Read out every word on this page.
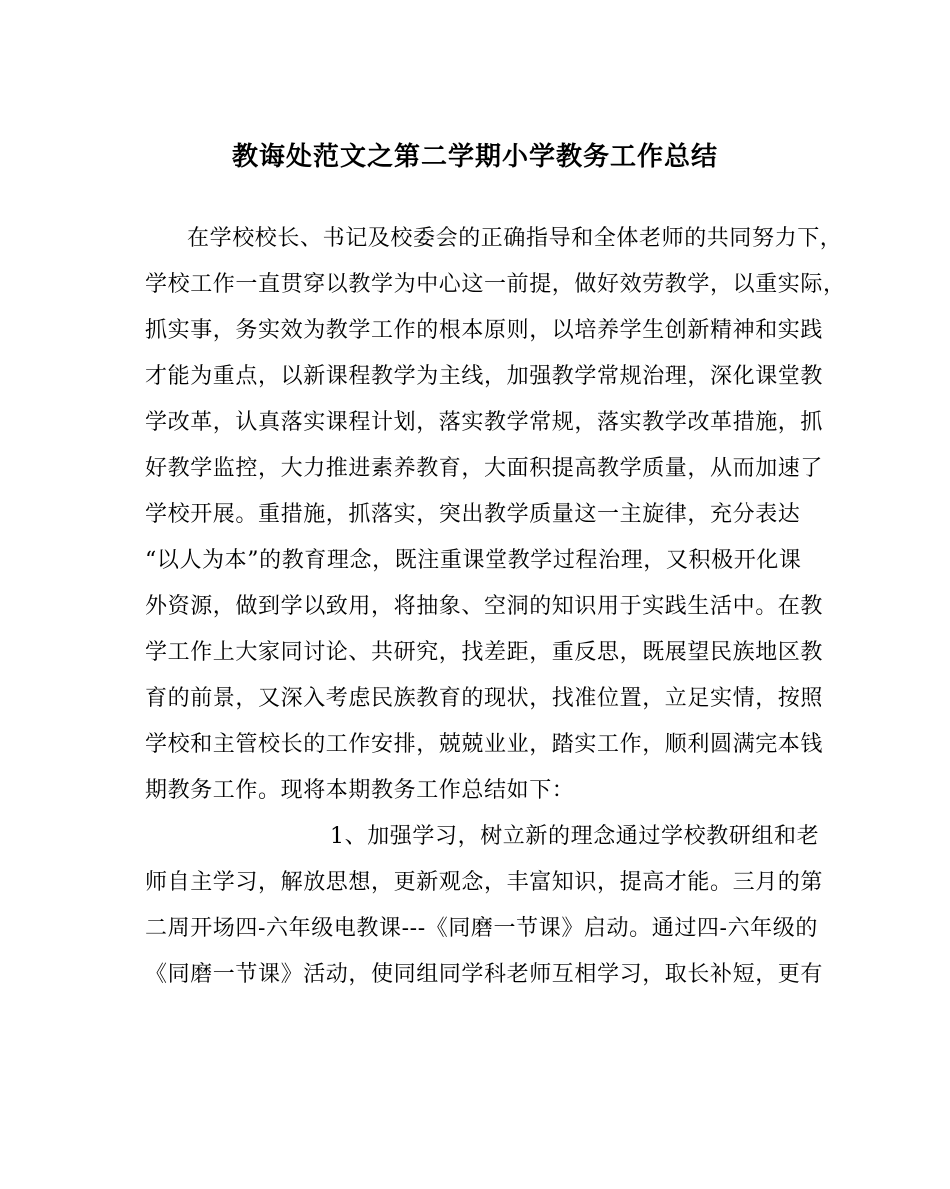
教诲处范文之第二学期小学教务工作总结
在学校校长、书记及校委会的正确指导和全体老师的共同努力下，
学校工作一直贯穿以教学为中心这一前提，做好效劳教学，以重实际，
抓实事，务实效为教学工作的根本原则，以培养学生创新精神和实践
才能为重点，以新课程教学为主线，加强教学常规治理，深化课堂教
学改革，认真落实课程计划，落实教学常规，落实教学改革措施，抓
好教学监控，大力推进素养教育，大面积提高教学质量，从而加速了
学校开展。重措施，抓落实，突出教学质量这一主旋律，充分表达
“以人为本”的教育理念，既注重课堂教学过程治理，又积极开化课
外资源，做到学以致用，将抽象、空洞的知识用于实践生活中。在教
学工作上大家同讨论、共研究，找差距，重反思，既展望民族地区教
育的前景，又深入考虑民族教育的现状，找准位置，立足实情，按照
学校和主管校长的工作安排，兢兢业业，踏实工作，顺利圆满完本钱
期教务工作。现将本期教务工作总结如下：
1、加强学习，树立新的理念通过学校教研组和老
师自主学习，解放思想，更新观念，丰富知识，提高才能。三月的第
二周开场四-六年级电教课---《同磨一节课》启动。通过四-六年级的
《同磨一节课》活动，使同组同学科老师互相学习，取长补短，更有
